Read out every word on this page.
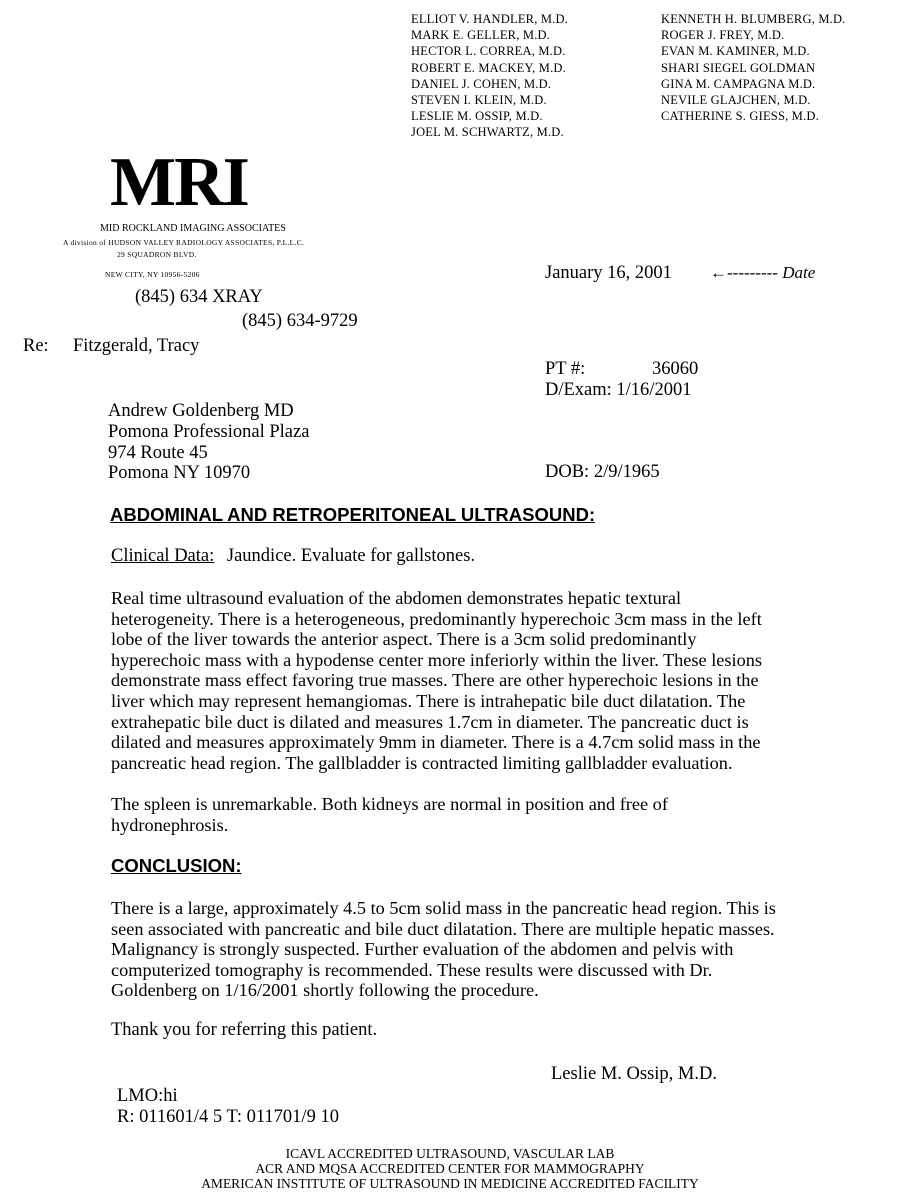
ELLIOT V. HANDLER, M.D.
MARK E. GELLER, M.D.
HECTOR L. CORREA, M.D.
ROBERT E. MACKEY, M.D.
DANIEL J. COHEN, M.D.
STEVEN I. KLEIN, M.D.
LESLIE M. OSSIP, M.D.
JOEL M. SCHWARTZ, M.D.
KENNETH H. BLUMBERG, M.D.
ROGER J. FREY, M.D.
EVAN M. KAMINER, M.D.
SHARI SIEGEL GOLDMAN
GINA M. CAMPAGNA M.D.
NEVILE GLAJCHEN, M.D.
CATHERINE S. GIESS, M.D.
MRI
MID ROCKLAND IMAGING ASSOCIATES
A division of HUDSON VALLEY RADIOLOGY ASSOCIATES, P.L.L.C.
29 SQUADRON BLVD.
NEW CITY, NY 10956-5206
(845) 634 XRAY
(845) 634-9729
January 16, 2001 ←--------- Date
Re: Fitzgerald, Tracy
PT #:	36060
D/Exam: 1/16/2001
Andrew Goldenberg MD
Pomona Professional Plaza
974 Route 45
Pomona NY 10970	DOB: 2/9/1965
ABDOMINAL AND RETROPERITONEAL ULTRASOUND:
Clinical Data: Jaundice. Evaluate for gallstones.
Real time ultrasound evaluation of the abdomen demonstrates hepatic textural
heterogeneity. There is a heterogeneous, predominantly hyperechoic 3cm mass in the left
lobe of the liver towards the anterior aspect. There is a 3cm solid predominantly
hyperechoic mass with a hypodense center more inferiorly within the liver. These lesions
demonstrate mass effect favoring true masses. There are other hyperechoic lesions in the
liver which may represent hemangiomas. There is intrahepatic bile duct dilatation. The
extrahepatic bile duct is dilated and measures 1.7cm in diameter. The pancreatic duct is
dilated and measures approximately 9mm in diameter. There is a 4.7cm solid mass in the
pancreatic head region. The gallbladder is contracted limiting gallbladder evaluation.
The spleen is unremarkable. Both kidneys are normal in position and free of
hydronephrosis.
CONCLUSION:
There is a large, approximately 4.5 to 5cm solid mass in the pancreatic head region. This is
seen associated with pancreatic and bile duct dilatation. There are multiple hepatic masses.
Malignancy is strongly suspected. Further evaluation of the abdomen and pelvis with
computerized tomography is recommended. These results were discussed with Dr.
Goldenberg on 1/16/2001 shortly following the procedure.
Thank you for referring this patient.
Leslie M. Ossip, M.D.
LMO:hi
R: 011601/4 5 T: 011701/9 10
ICAVL ACCREDITED ULTRASOUND, VASCULAR LAB
ACR AND MQSA ACCREDITED CENTER FOR MAMMOGRAPHY
AMERICAN INSTITUTE OF ULTRASOUND IN MEDICINE ACCREDITED FACILITY
